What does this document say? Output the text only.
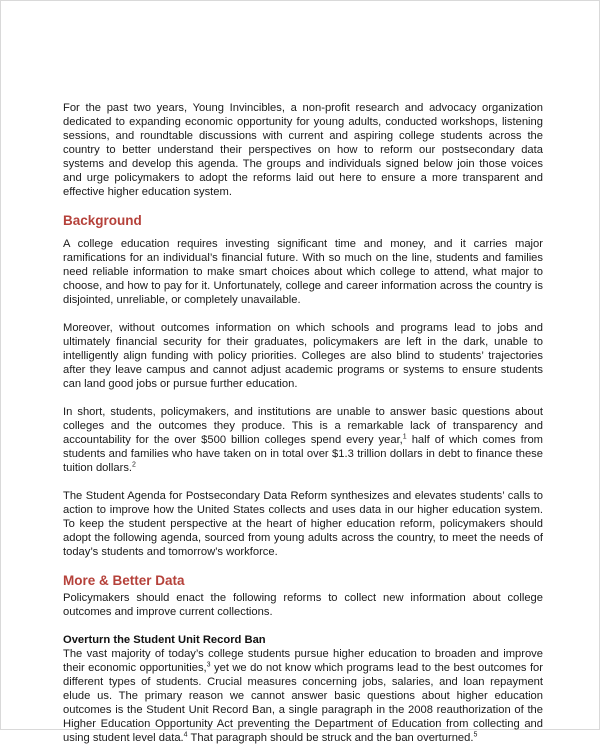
For the past two years, Young Invincibles, a non-profit research and advocacy organization dedicated to expanding economic opportunity for young adults, conducted workshops, listening sessions, and roundtable discussions with current and aspiring college students across the country to better understand their perspectives on how to reform our postsecondary data systems and develop this agenda. The groups and individuals signed below join those voices and urge policymakers to adopt the reforms laid out here to ensure a more transparent and effective higher education system.

Background

A college education requires investing significant time and money, and it carries major ramifications for an individual’s financial future. With so much on the line, students and families need reliable information to make smart choices about which college to attend, what major to choose, and how to pay for it. Unfortunately, college and career information across the country is disjointed, unreliable, or completely unavailable.

Moreover, without outcomes information on which schools and programs lead to jobs and ultimately financial security for their graduates, policymakers are left in the dark, unable to intelligently align funding with policy priorities. Colleges are also blind to students’ trajectories after they leave campus and cannot adjust academic programs or systems to ensure students can land good jobs or pursue further education.

In short, students, policymakers, and institutions are unable to answer basic questions about colleges and the outcomes they produce. This is a remarkable lack of transparency and accountability for the over $500 billion colleges spend every year,$^1$ half of which comes from students and families who have taken on in total over $1.3 trillion dollars in debt to finance these tuition dollars.$^2$

The Student Agenda for Postsecondary Data Reform synthesizes and elevates students’ calls to action to improve how the United States collects and uses data in our higher education system. To keep the student perspective at the heart of higher education reform, policymakers should adopt the following agenda, sourced from young adults across the country, to meet the needs of today’s students and tomorrow’s workforce.

More & Better Data

Policymakers should enact the following reforms to collect new information about college outcomes and improve current collections.

Overturn the Student Unit Record Ban

The vast majority of today’s college students pursue higher education to broaden and improve their economic opportunities,$^3$ yet we do not know which programs lead to the best outcomes for different types of students. Crucial measures concerning jobs, salaries, and loan repayment elude us. The primary reason we cannot answer basic questions about higher education outcomes is the Student Unit Record Ban, a single paragraph in the 2008 reauthorization of the Higher Education Opportunity Act preventing the Department of Education from collecting and using student level data.$^4$ That paragraph should be struck and the ban overturned.$^5$
